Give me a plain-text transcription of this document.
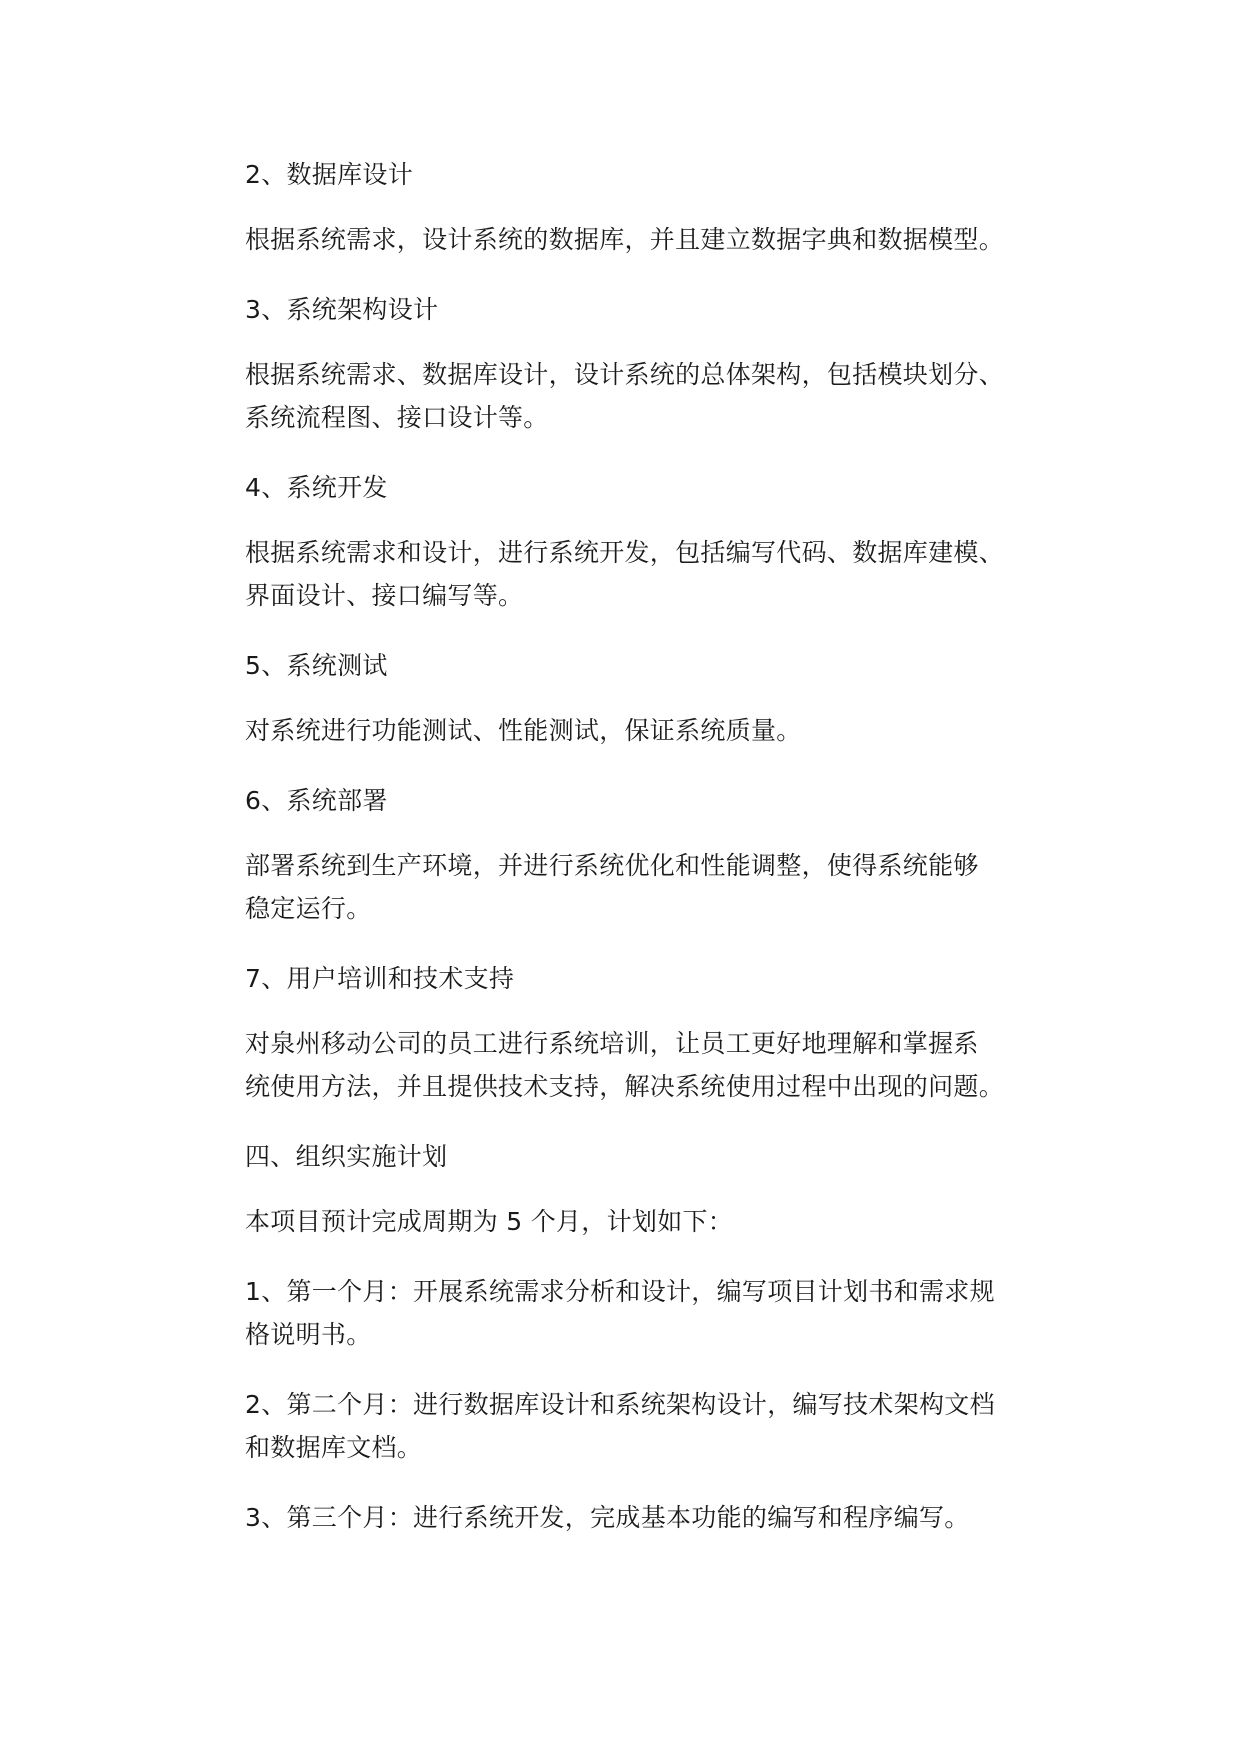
2、数据库设计

根据系统需求，设计系统的数据库，并且建立数据字典和数据模型。

3、系统架构设计

根据系统需求、数据库设计，设计系统的总体架构，包括模块划分、
系统流程图、接口设计等。

4、系统开发

根据系统需求和设计，进行系统开发，包括编写代码、数据库建模、
界面设计、接口编写等。

5、系统测试

对系统进行功能测试、性能测试，保证系统质量。

6、系统部署

部署系统到生产环境，并进行系统优化和性能调整，使得系统能够
稳定运行。

7、用户培训和技术支持

对泉州移动公司的员工进行系统培训，让员工更好地理解和掌握系
统使用方法，并且提供技术支持，解决系统使用过程中出现的问题。

四、组织实施计划

本项目预计完成周期为 5 个月，计划如下：

1、第一个月：开展系统需求分析和设计，编写项目计划书和需求规
格说明书。

2、第二个月：进行数据库设计和系统架构设计，编写技术架构文档
和数据库文档。

3、第三个月：进行系统开发，完成基本功能的编写和程序编写。
